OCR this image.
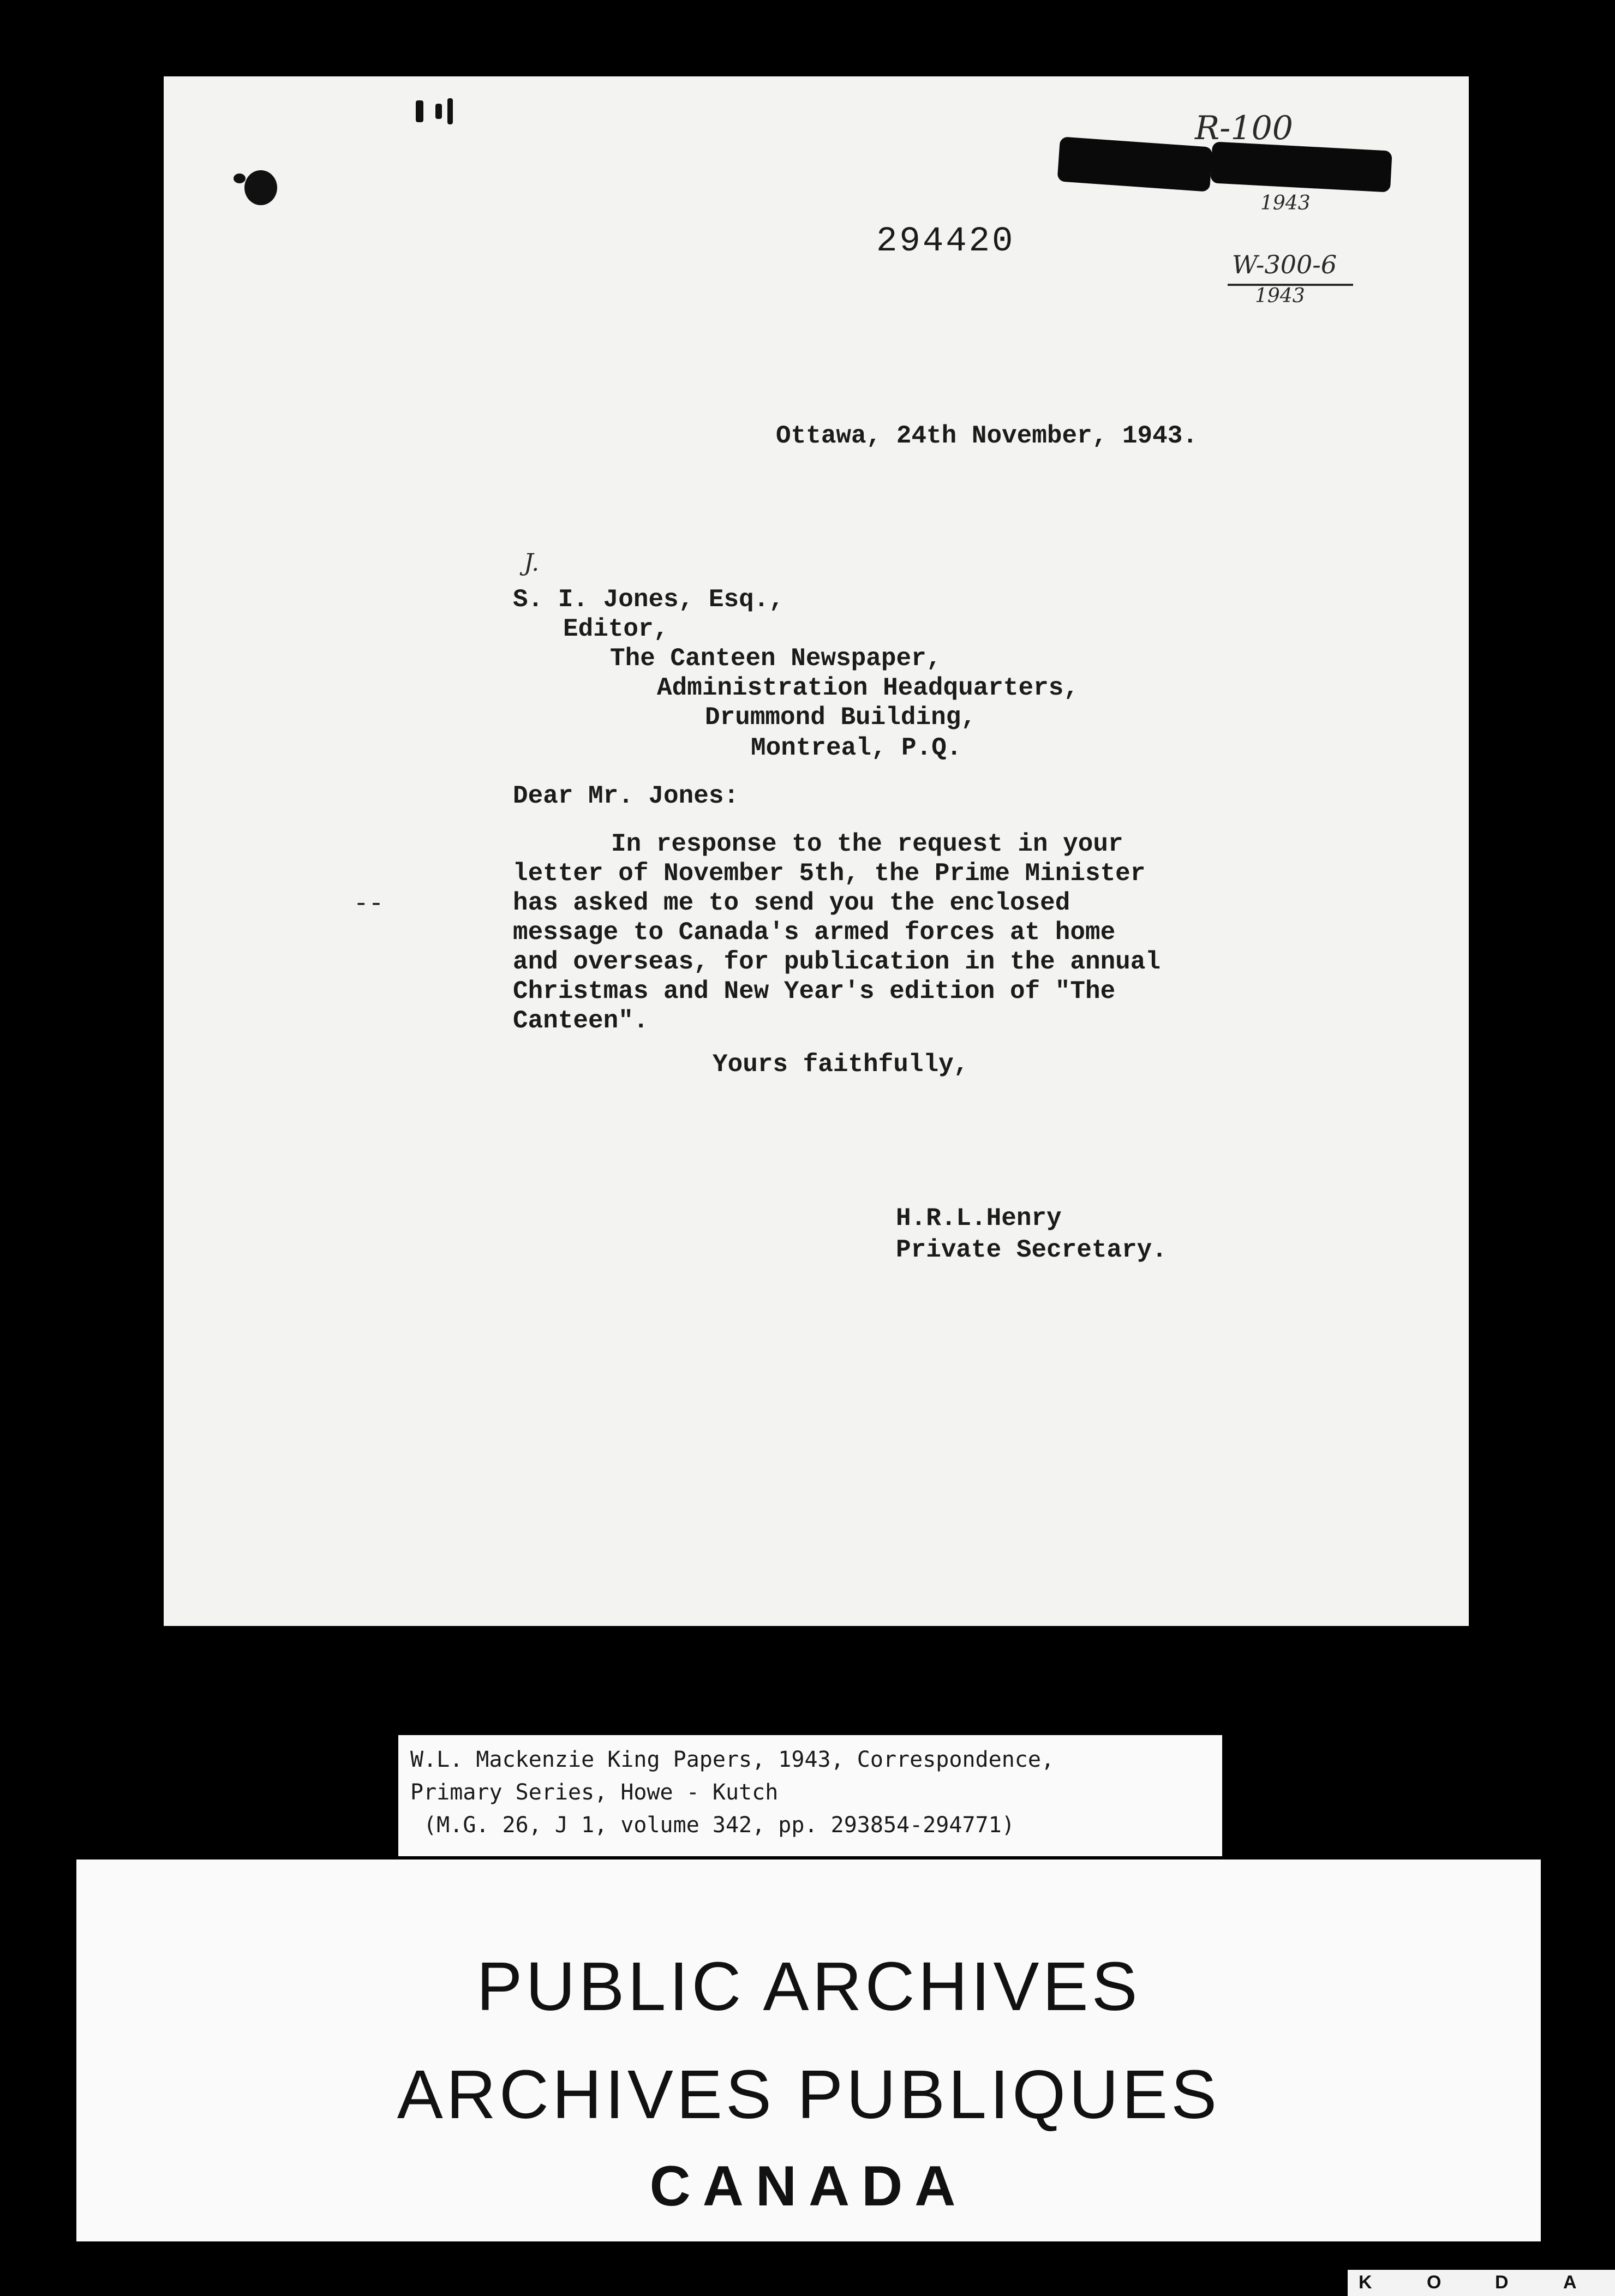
294420
R-100
1943
W-300-6
1943
Ottawa, 24th November, 1943.
J.
S. I. Jones, Esq.,
Editor,
The Canteen Newspaper,
Administration Headquarters,
Drummond Building,
Montreal, P.Q.
Dear Mr. Jones:
--
In response to the request in your
letter of November 5th, the Prime Minister
has asked me to send you the enclosed
message to Canada's armed forces at home
and overseas, for publication in the annual
Christmas and New Year's edition of "The
Canteen".
Yours faithfully,
H.R.L.Henry
Private Secretary.
W.L. Mackenzie King Papers, 1943, Correspondence,
Primary Series, Howe - Kutch
(M.G. 26, J 1, volume 342, pp. 293854-294771)
PUBLIC ARCHIVES
ARCHIVES PUBLIQUES
CANADA
K	O	D	A
